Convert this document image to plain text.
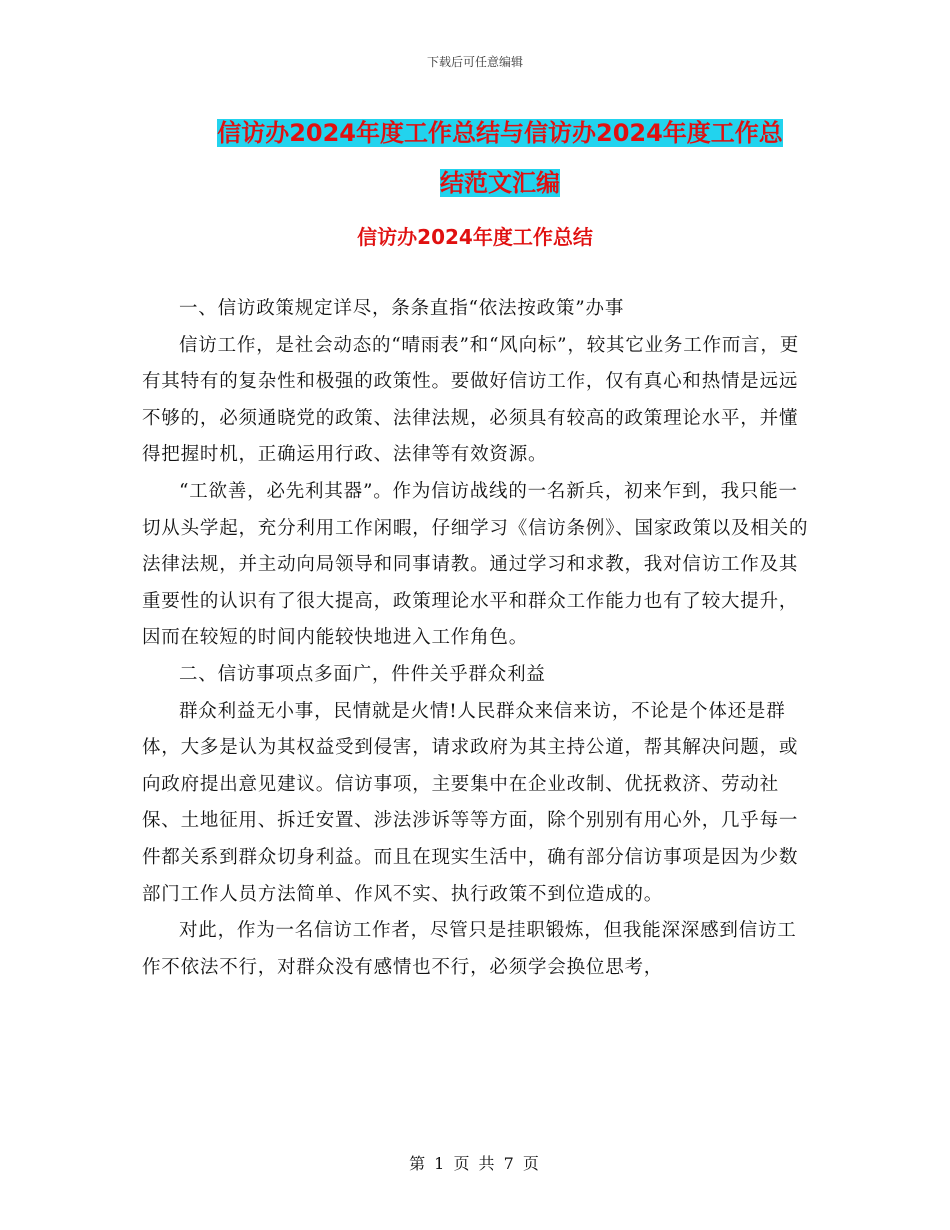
下载后可任意编辑
信访办2024年度工作总结与信访办2024年度工作总
结范文汇编
信访办2024年度工作总结

一、信访政策规定详尽，条条直指“依法按政策”办事

信访工作，是社会动态的“晴雨表”和“风向标”，较其它业务工作而言，更有其特有的复杂性和极强的政策性。要做好信访工作，仅有真心和热情是远远不够的，必须通晓党的政策、法律法规，必须具有较高的政策理论水平，并懂得把握时机，正确运用行政、法律等有效资源。

“工欲善，必先利其器”。作为信访战线的一名新兵，初来乍到，我只能一切从头学起，充分利用工作闲暇，仔细学习《信访条例》、国家政策以及相关的法律法规，并主动向局领导和同事请教。通过学习和求教，我对信访工作及其重要性的认识有了很大提高，政策理论水平和群众工作能力也有了较大提升，因而在较短的时间内能较快地进入工作角色。

二、信访事项点多面广，件件关乎群众利益

群众利益无小事，民情就是火情!人民群众来信来访，不论是个体还是群体，大多是认为其权益受到侵害，请求政府为其主持公道，帮其解决问题，或向政府提出意见建议。信访事项，主要集中在企业改制、优抚救济、劳动社保、土地征用、拆迁安置、涉法涉诉等等方面，除个别别有用心外，几乎每一件都关系到群众切身利益。而且在现实生活中，确有部分信访事项是因为少数部门工作人员方法简单、作风不实、执行政策不到位造成的。

对此，作为一名信访工作者，尽管只是挂职锻炼，但我能深深感到信访工作不依法不行，对群众没有感情也不行，必须学会换位思考，

第 1 页 共 7 页
